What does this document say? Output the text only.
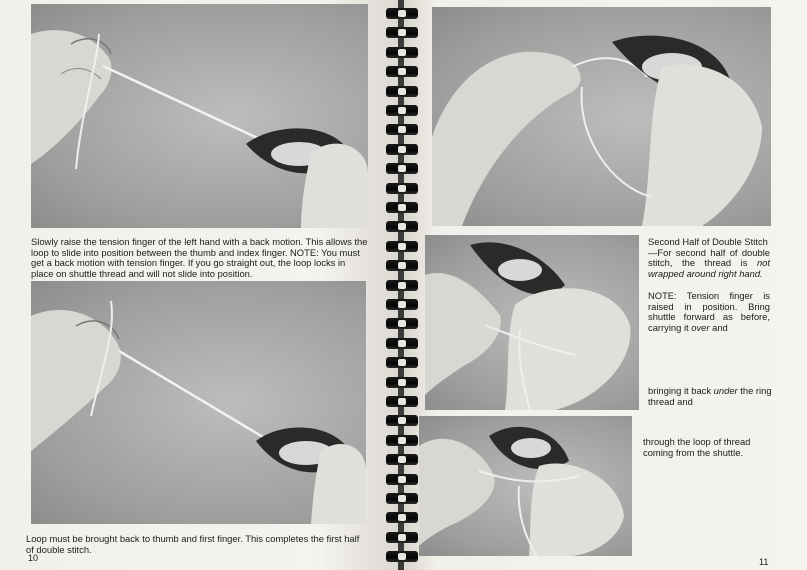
Slowly raise the tension finger of the left hand with a back motion. This allows the loop to slide into position between the thumb and index finger. NOTE: You must get a back motion with tension finger. If you go straight out, the loop locks in place on shuttle thread and will not slide into position.

Loop must be brought back to thumb and first finger. This completes the first half of double stitch.

10

Second Half of Double Stitch
—For second half of double stitch, the thread is not wrapped around right hand.

NOTE: Tension finger is raised in position. Bring shuttle forward as before, carrying it over and

bringing it back under the ring thread and

through the loop of thread coming from the shuttle.

11
